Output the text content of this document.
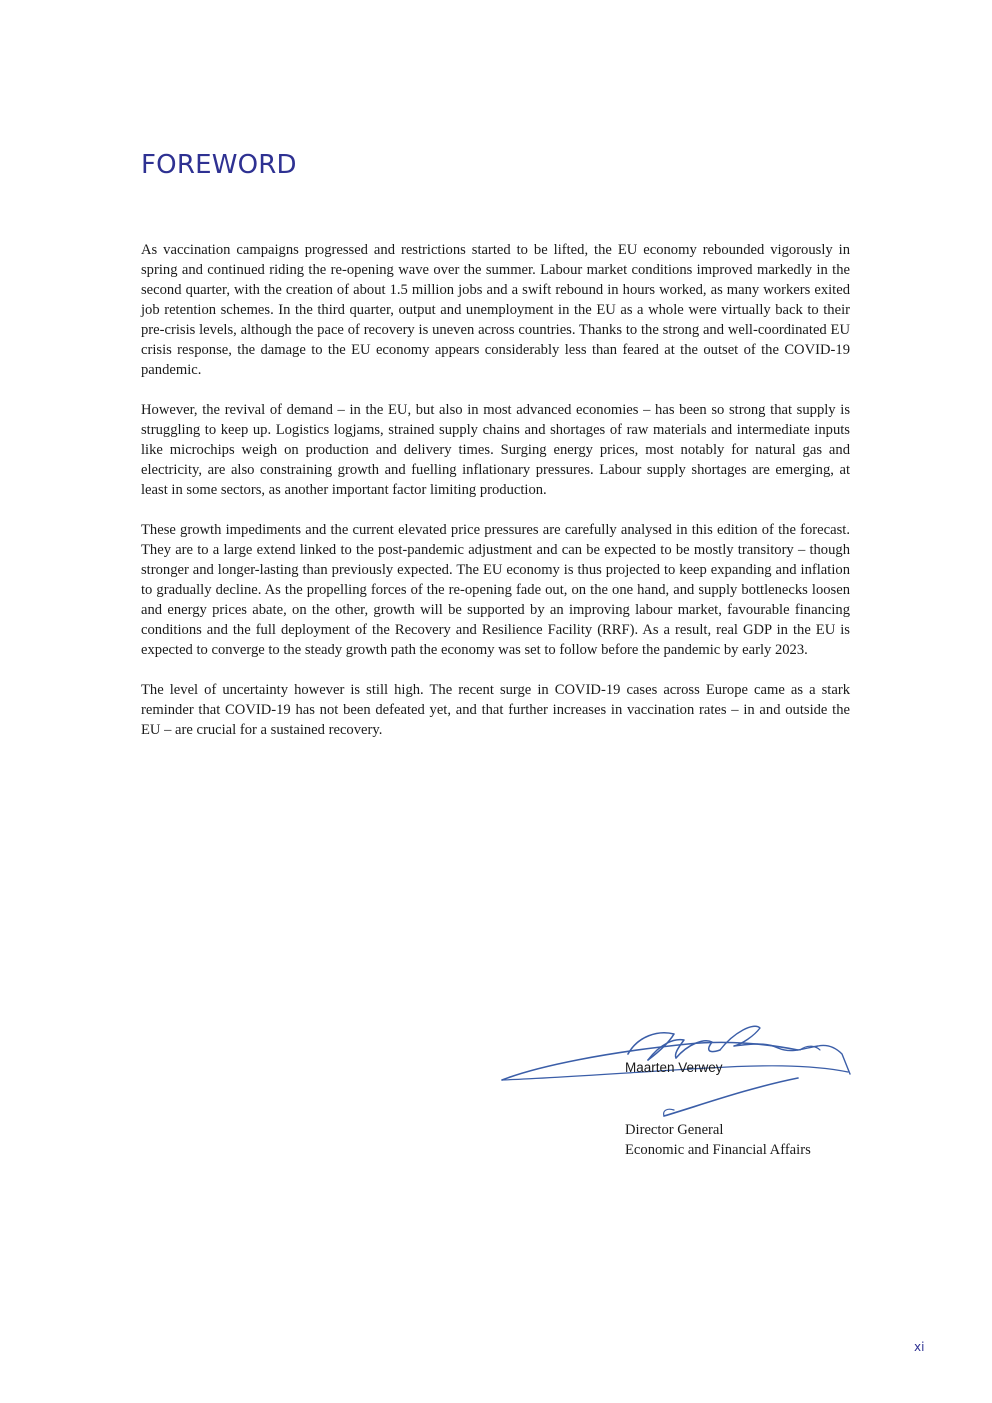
FOREWORD

As vaccination campaigns progressed and restrictions started to be lifted, the EU economy rebounded vigorously in spring and continued riding the re-opening wave over the summer. Labour market conditions improved markedly in the second quarter, with the creation of about 1.5 million jobs and a swift rebound in hours worked, as many workers exited job retention schemes. In the third quarter, output and unemployment in the EU as a whole were virtually back to their pre-crisis levels, although the pace of recovery is uneven across countries. Thanks to the strong and well-coordinated EU crisis response, the damage to the EU economy appears considerably less than feared at the outset of the COVID-19 pandemic.

However, the revival of demand – in the EU, but also in most advanced economies – has been so strong that supply is struggling to keep up. Logistics logjams, strained supply chains and shortages of raw materials and intermediate inputs like microchips weigh on production and delivery times. Surging energy prices, most notably for natural gas and electricity, are also constraining growth and fuelling inflationary pressures. Labour supply shortages are emerging, at least in some sectors, as another important factor limiting production.

These growth impediments and the current elevated price pressures are carefully analysed in this edition of the forecast. They are to a large extend linked to the post-pandemic adjustment and can be expected to be mostly transitory – though stronger and longer-lasting than previously expected. The EU economy is thus projected to keep expanding and inflation to gradually decline. As the propelling forces of the re-opening fade out, on the one hand, and supply bottlenecks loosen and energy prices abate, on the other, growth will be supported by an improving labour market, favourable financing conditions and the full deployment of the Recovery and Resilience Facility (RRF). As a result, real GDP in the EU is expected to converge to the steady growth path the economy was set to follow before the pandemic by early 2023.

The level of uncertainty however is still high. The recent surge in COVID-19 cases across Europe came as a stark reminder that COVID-19 has not been defeated yet, and that further increases in vaccination rates – in and outside the EU – are crucial for a sustained recovery.

Maarten Verwey
Director General
Economic and Financial Affairs
xi
